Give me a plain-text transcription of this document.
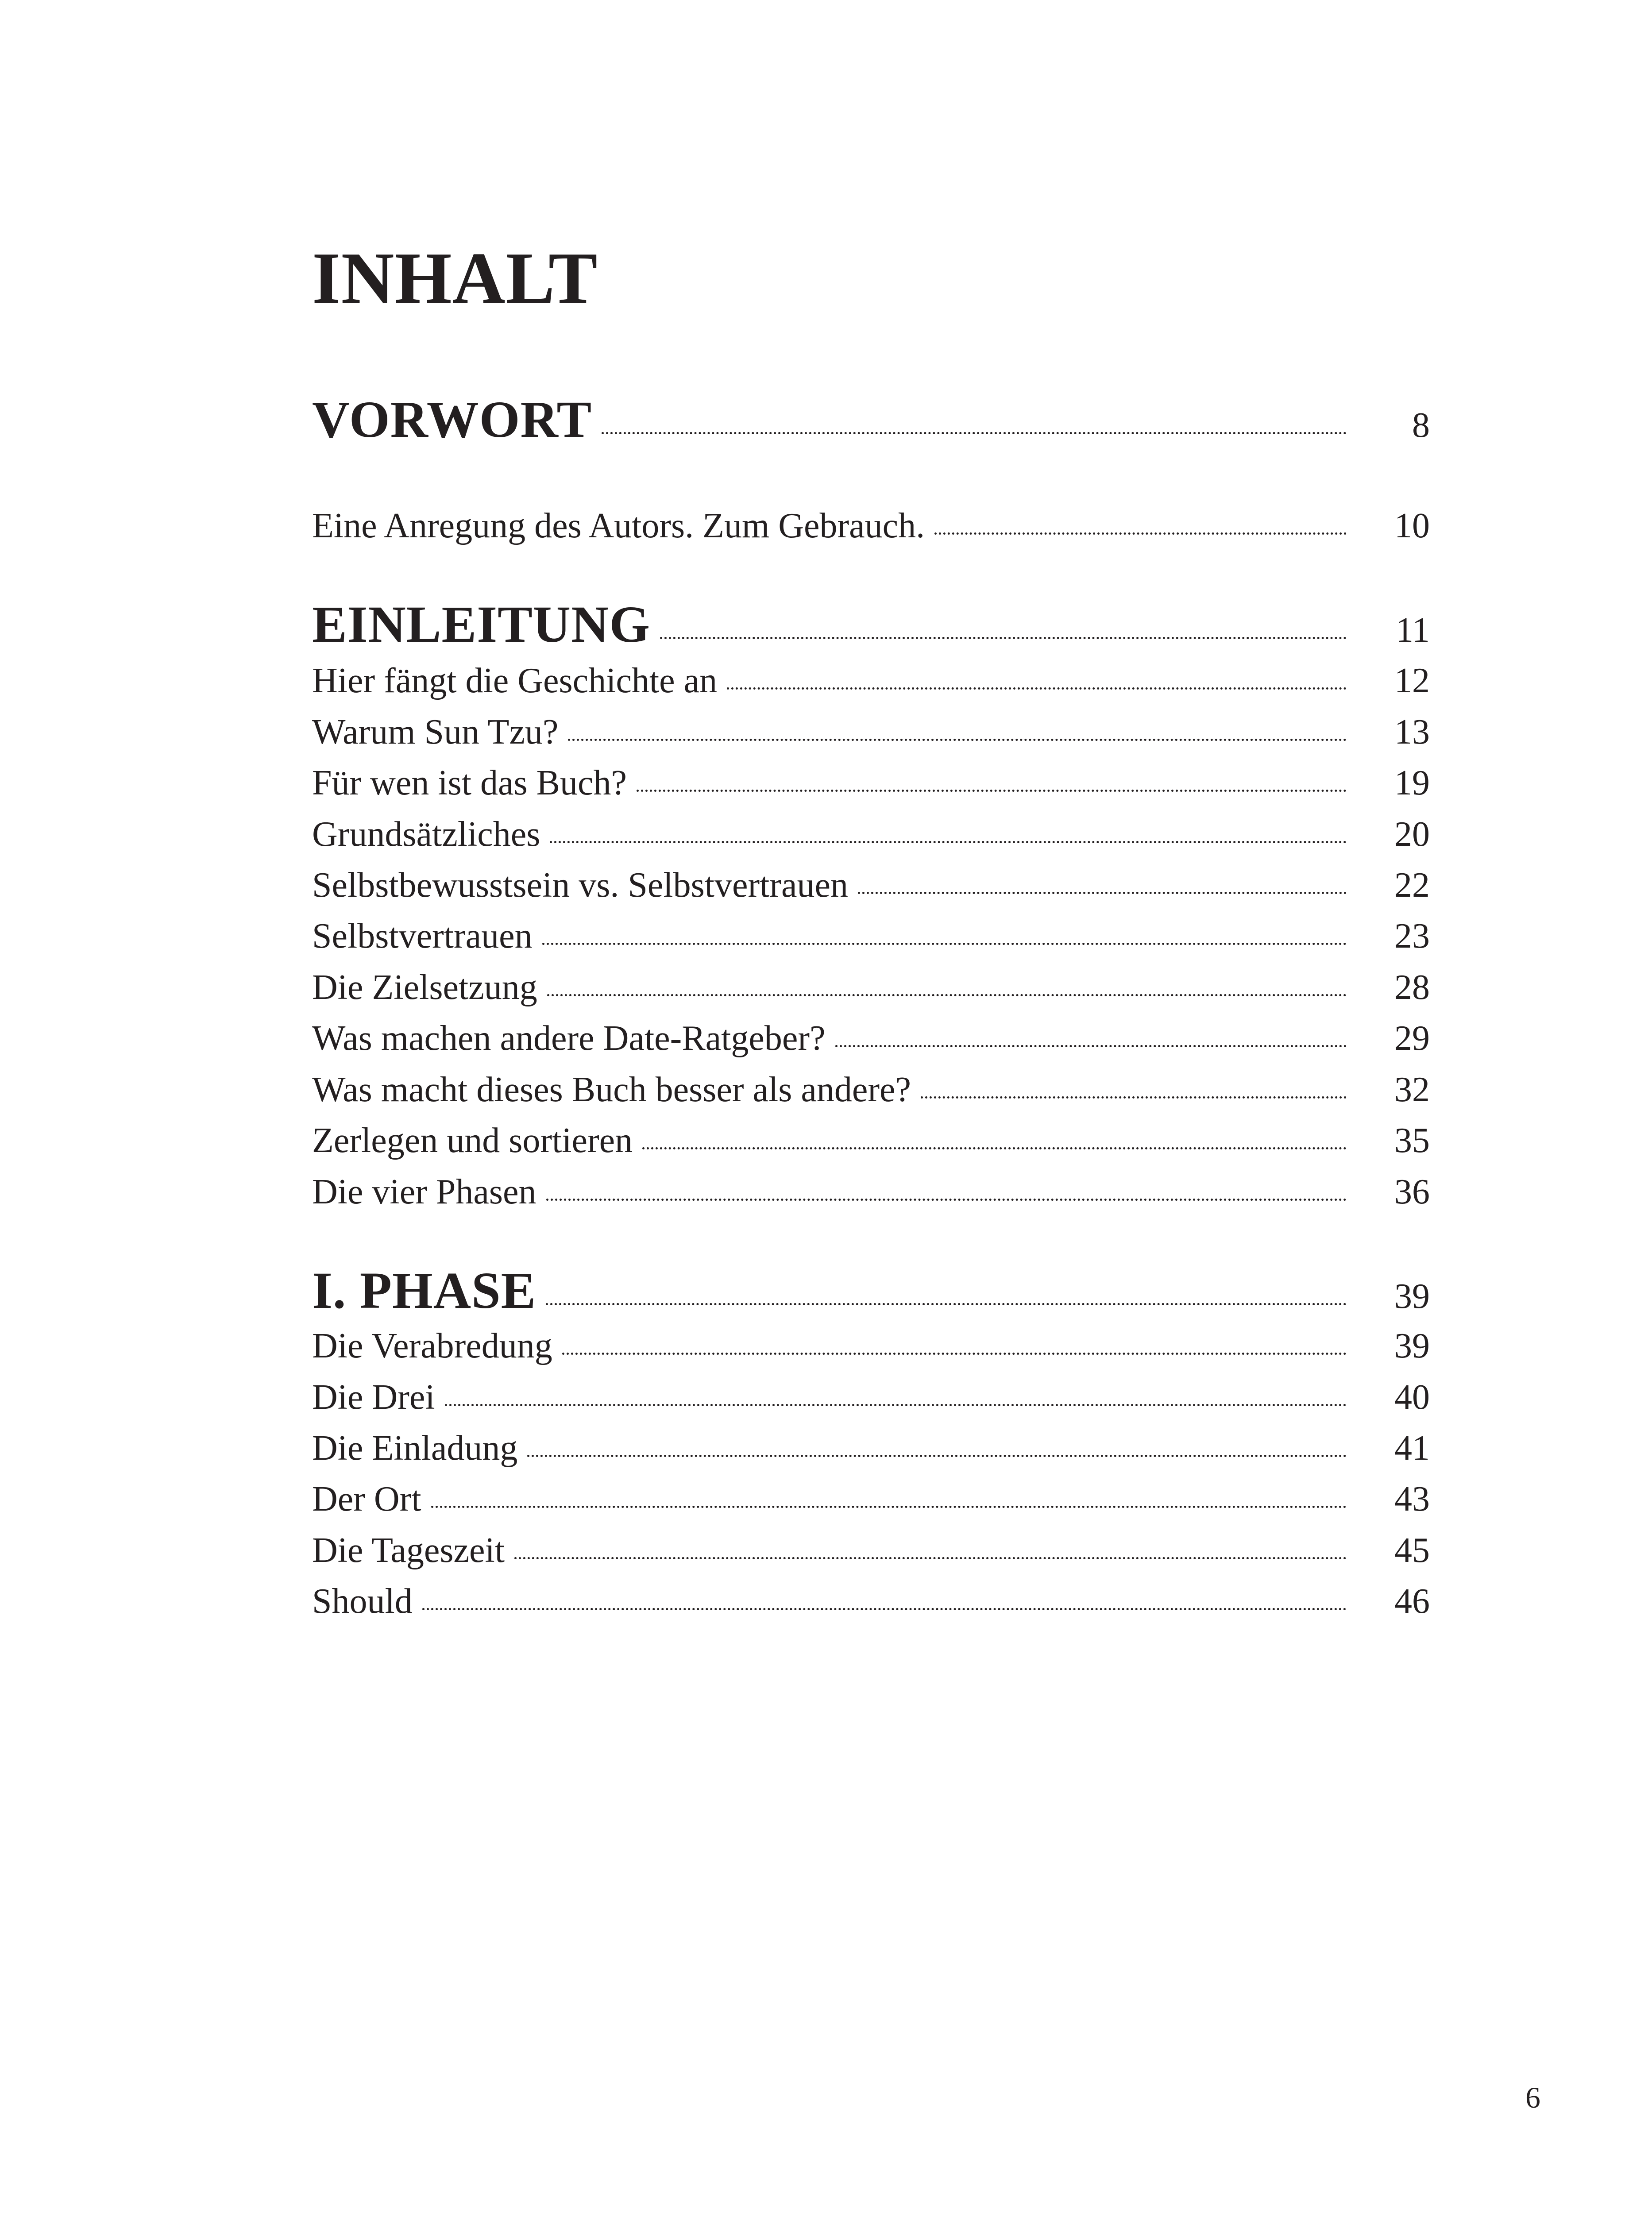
INHALT
VORWORT	8
Eine Anregung des Autors. Zum Gebrauch.	10
EINLEITUNG	11
Hier fängt die Geschichte an	12
Warum Sun Tzu?	13
Für wen ist das Buch?	19
Grundsätzliches	20
Selbstbewusstsein vs. Selbstvertrauen	22
Selbstvertrauen	23
Die Zielsetzung	28
Was machen andere Date-Ratgeber?	29
Was macht dieses Buch besser als andere?	32
Zerlegen und sortieren	35
Die vier Phasen	36
I. PHASE	39
Die Verabredung	39
Die Drei	40
Die Einladung	41
Der Ort	43
Die Tageszeit	45
Should	46
6
